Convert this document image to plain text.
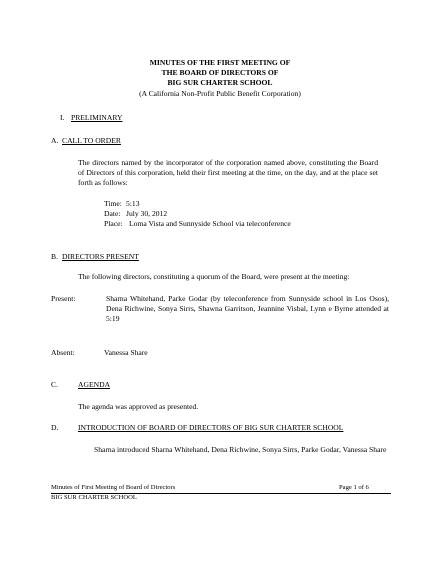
MINUTES OF THE FIRST MEETING OF
THE BOARD OF DIRECTORS OF
BIG SUR CHARTER SCHOOL
(A California Non-Profit Public Benefit Corporation)
I. PRELIMINARY
A. CALL TO ORDER
The directors named by the incorporator of the corporation named above, constituting the Board of Directors of this corporation, held their first meeting at the time, on the day, and at the place set forth as follows:
Time: 5:13
Date: July 30, 2012
Place: Loma Vista and Sunnyside School via teleconference
B. DIRECTORS PRESENT
The following directors, constituting a quorum of the Board, were present at the meeting:
Present:	Sharna Whitehand, Parke Godar (by teleconference from Sunnyside school in Los Osos), Dena Richwine, Sonya Sirrs, Shawna Garritson, Jeannine Visbal, Lynn e Byrne attended at 5:19
Absent:	Vanessa Share
C.	AGENDA
The agenda was approved as presented.
D.	INTRODUCTION OF BOARD OF DIRECTORS OF BIG SUR CHARTER SCHOOL
Sharna introduced Sharna Whitehand, Dena Richwine, Sonya Sirrs, Parke Godar, Vanessa Share
Minutes of First Meeting of Board of Directors	Page 1 of 6
BIG SUR CHARTER SCHOOL
